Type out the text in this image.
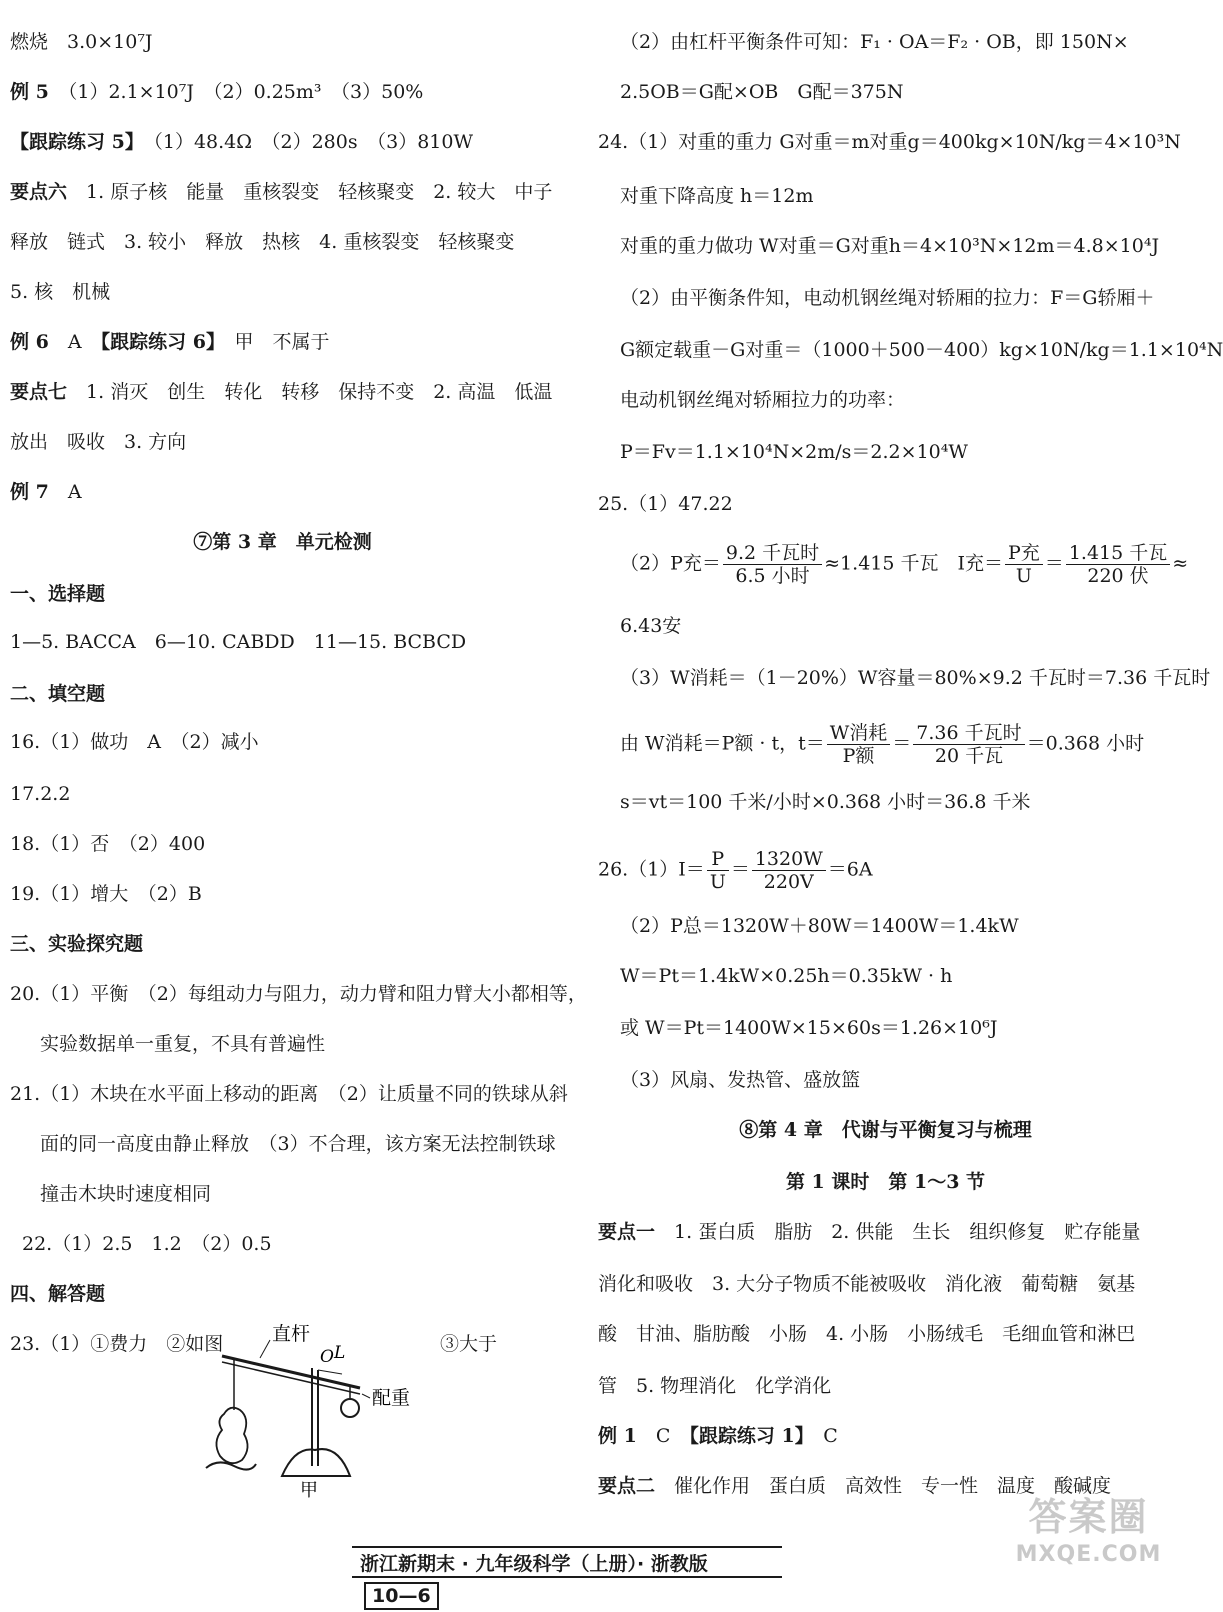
燃烧　3.0×10⁷J
例 5　 （1）2.1×10⁷J　（2）0.25m³　（3）50%
【跟踪练习 5】　 （1）48.4Ω　（2）280s　（3）810W
要点六　 1. 原子核　能量　重核裂变　轻核聚变　2. 较大　中子
释放　链式　3. 较小　释放　热核　4. 重核裂变　轻核聚变
5. 核　机械
例 6　 A　 【跟踪练习 6】　 甲　不属于
要点七　 1. 消灭　创生　转化　转移　保持不变　2. 高温　低温
放出　吸收　3. 方向
例 7　 A
⑦第 3 章　单元检测
一、选择题
1—5. BACCA　6—10. CABDD　11—15. BCBCD
二、填空题
16.（1）做功　A　（2）减小
17.2.2
18.（1）否　（2）400
19.（1）增大　（2）B
三、实验探究题
20.（1）平衡　（2）每组动力与阻力，动力臂和阻力臂大小都相等，
实验数据单一重复，不具有普遍性
21.（1）木块在水平面上移动的距离　（2）让质量不同的铁球从斜
面的同一高度由静止释放　（3）不合理，该方案无法控制铁球
撞击木块时速度相同
22.（1）2.5　1.2　（2）0.5
四、解答题
23.（1）①费力　②如图	③大于
直杆
O L
配重
甲
（2）由杠杆平衡条件可知：F₁ · OA＝F₂ · OB，即 150N×
2.5OB＝G配×OB　G配＝375N
24.（1）对重的重力 G对重＝m对重g＝400kg×10N/kg＝4×10³N
对重下降高度 h＝12m
对重的重力做功 W对重＝G对重h＝4×10³N×12m＝4.8×10⁴J
（2）由平衡条件知，电动机钢丝绳对轿厢的拉力：F＝G轿厢＋
G额定载重－G对重＝（1000＋500－400）kg×10N/kg＝1.1×10⁴N
电动机钢丝绳对轿厢拉力的功率：
P＝Fv＝1.1×10⁴N×2m/s＝2.2×10⁴W
25.（1）47.22
（2）P充＝ $\frac{\text{9.2 千瓦时}}{\text{6.5 小时}} \approx 1.415$ 千瓦　I充＝ $\frac{\text{P充}}{U} = \frac{\text{1.415 千瓦}}{\text{220 伏}}$ ≈
6.43安
（3）W消耗＝（1－20%）W容量＝80%×9.2 千瓦时＝7.36 千瓦时
由 W消耗＝P额 · t，$t= \frac{\text{W消耗}}{\text{P额}} = \frac{\text{7.36 千瓦时}}{\text{20 千瓦}} =0.368$ 小时
s＝vt＝100 千米/小时×0.368 小时＝36.8 千米
$26.(1)I= \frac{P}{U} = \frac{1320W}{220V} =6A$
（2）P总＝1320W＋80W＝1400W＝1.4kW
W＝Pt＝1.4kW×0.25h＝0.35kW · h
或 W＝Pt＝1400W×15×60s＝1.26×10⁶J
（3）风扇、发热管、盛放篮
⑧第 4 章　代谢与平衡复习与梳理
第 1 课时　第 1～3 节
要点一　 1. 蛋白质　脂肪　2. 供能　生长　组织修复　贮存能量
消化和吸收　3. 大分子物质不能被吸收　消化液　葡萄糖　氨基
酸　甘油、脂肪酸　小肠　4. 小肠　小肠绒毛　毛细血管和淋巴
管　5. 物理消化　化学消化
例 1　 C　 【跟踪练习 1】　 C
要点二　 催化作用　蛋白质　高效性　专一性　温度　酸碱度
浙江新期末 · 九年级科学（上册）· 浙教版10—6
答案圈
MXQE.COM
